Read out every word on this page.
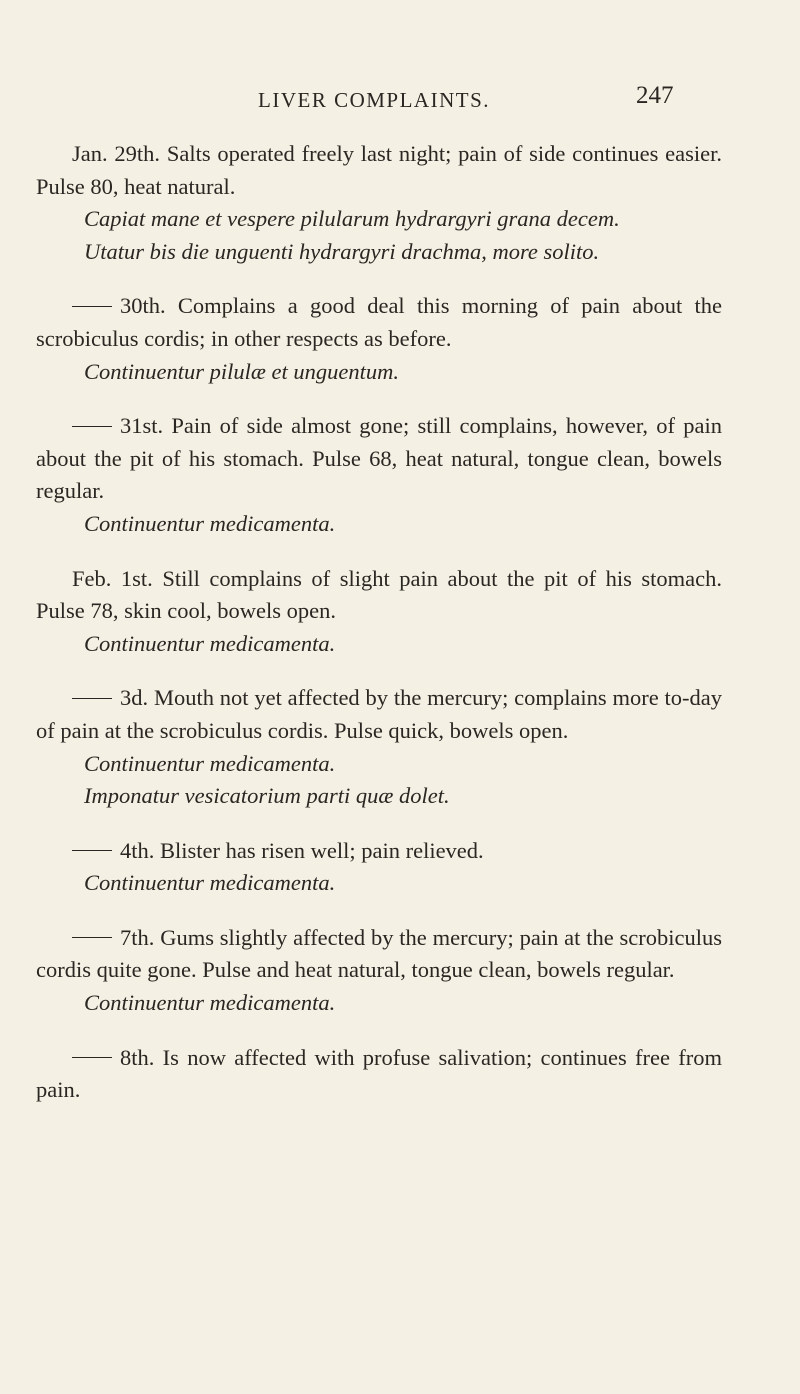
LIVER COMPLAINTS.	247

Jan. 29th. Salts operated freely last night; pain of side continues easier. Pulse 80, heat natural.

Capiat mane et vespere pilularum hydrargyri grana decem.

Utatur bis die unguenti hydrargyri drachma, more solito.

30th. Complains a good deal this morning of pain about the scrobiculus cordis; in other respects as before.

Continuentur pilulæ et unguentum.

31st. Pain of side almost gone; still complains, however, of pain about the pit of his stomach. Pulse 68, heat natural, tongue clean, bowels regular.

Continuentur medicamenta.

Feb. 1st. Still complains of slight pain about the pit of his stomach. Pulse 78, skin cool, bowels open.

Continuentur medicamenta.

3d. Mouth not yet affected by the mercury; complains more to-day of pain at the scrobiculus cordis. Pulse quick, bowels open.

Continuentur medicamenta.

Imponatur vesicatorium parti quæ dolet.

4th. Blister has risen well; pain relieved.

Continuentur medicamenta.

7th. Gums slightly affected by the mercury; pain at the scrobiculus cordis quite gone. Pulse and heat natural, tongue clean, bowels regular.

Continuentur medicamenta.

8th. Is now affected with profuse salivation; continues free from pain.
